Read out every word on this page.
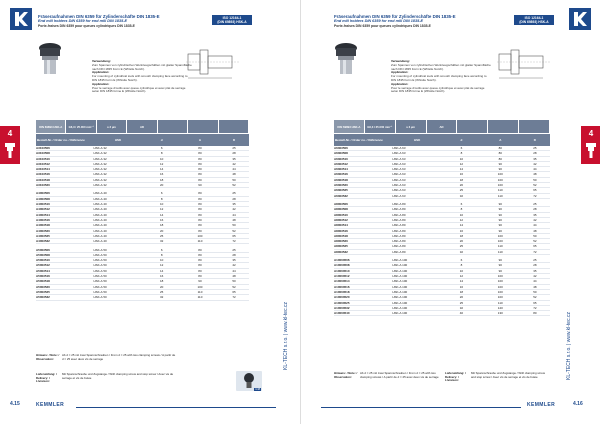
Fräseraufnahmen DIN 6359 für Zylinderschäfte DIN 1835-E
End mill holders DIN 6359 for end mill DIN 1835-E
Porte-fraises DIN 6359 pour queues cylindriques DIN 1835-E
ISO 12164-1
(DIN 69893) HSK-A
Verwendung:
Zum Spannen von zylindrischen Werkzeugschäften mit glatter Spannfläche nach DIN 1835 Form E (Whistle Notch).
Application:
For mounting of cylindrical tools with smooth clamping face according to DIN 1835 Form E (Whistle Notch).
Application:
Pour le serrage d'outils avec queue cylindrique et avec plat de serrage selon DIN 1835 forme E (Whistle Notch).
4
DIN 69893 HSK-A	G6,3 / 25.000 min⁻¹	≤ 3 µm	AD
Bestell-Nr. / Order no. / Référence	HSK	d	A	D
A3103506	HSK-A 32	6	80	25
A3103508	HSK-A 32	8	80	28
A3103510	HSK-A 32	10	80	35
A3103512	HSK-A 32	12	80	42
A3103514	HSK-A 32	14	80	44
A3103516	HSK-A 32	16	80	48
A3103518	HSK-A 32	18	80	50
A3103520	HSK-A 32	20	90	52

A4003506	HSK-A 40	6	80	25
A4003508	HSK-A 40	8	80	28
A4003510	HSK-A 40	10	80	35
A4003512	HSK-A 40	12	80	42
A4003514	HSK-A 40	14	80	44
A4003516	HSK-A 40	16	80	48
A4003518	HSK-A 40	18	80	50
A4003520	HSK-A 40	20	80	52
A4003525	HSK-A 40	25	100	65
A4003532	HSK-A 40	32	110	72

A5003506	HSK-A 50	6	80	25
A5003508	HSK-A 50	8	80	28
A5003510	HSK-A 50	10	80	35
A5003512	HSK-A 50	12	80	42
A5003514	HSK-A 50	14	80	44
A5003516	HSK-A 50	16	80	48
A5003518	HSK-A 50	18	90	50
A5003520	HSK-A 50	20	100	52
A5003525	HSK-A 50	25	110	65
A5003532	HSK-A 50	32	110	72
Hinweis: / Note: / Observation:
Ab d = 25 mit zwei Spannschrauben / From d = 25 with two clamping screws / A partir de d = 25 avec deux vis de serrage
Lieferumfang: / Delivery: / Livraison:
Mit Spannschraube und Zugstange / With clamping screw and stop screw / Avec vis de serrage et vis de butée
4.48
KL-TECH s.r.o. | www.kl-tec.cz
4.15	KEMMLER
Fräseraufnahmen DIN 6359 für Zylinderschäfte DIN 1835-E
End mill holders DIN 6359 for end mill DIN 1835-E
Porte-fraises DIN 6359 pour queues cylindriques DIN 1835-E
ISO 12164-1
(DIN 69893) HSK-A
Verwendung:
Zum Spannen von zylindrischen Werkzeugschäften mit glatter Spannfläche nach DIN 1835 Form E (Whistle Notch).
Application:
For mounting of cylindrical tools with smooth clamping face according to DIN 1835 Form E (Whistle Notch).
Application:
Pour le serrage d'outils avec queue cylindrique et avec plat de serrage selon DIN 1835 forme E (Whistle Notch).
4
DIN 69893 HSK-A	G6,3 / 25.000 min⁻¹	≤ 3 µm	AD
Bestell-Nr. / Order no. / Référence	HSK	d	A	D
A6303506	HSK-A 63	6	80	25
A6303508	HSK-A 63	8	80	28
A6303510	HSK-A 63	10	80	35
A6303512	HSK-A 63	12	90	42
A6303514	HSK-A 63	14	90	44
A6303516	HSK-A 63	16	100	48
A6303518	HSK-A 63	18	100	50
A6303520	HSK-A 63	20	100	52
A6303525	HSK-A 63	25	110	65
A6303532	HSK-A 63	32	110	72

A8003506	HSK-A 80	6	90	25
A8003508	HSK-A 80	8	90	28
A8003510	HSK-A 80	10	90	35
A8003512	HSK-A 80	12	90	42
A8003514	HSK-A 80	14	90	44
A8003516	HSK-A 80	16	90	48
A8003518	HSK-A 80	18	100	50
A8003520	HSK-A 80	20	100	52
A8003525	HSK-A 80	25	110	65
A8003532	HSK-A 80	32	110	72

A10003506	HSK-A 100	6	90	25
A10003508	HSK-A 100	8	90	28
A10003510	HSK-A 100	10	90	35
A10003512	HSK-A 100	12	100	42
A10003514	HSK-A 100	14	100	44
A10003516	HSK-A 100	16	100	48
A10003518	HSK-A 100	18	100	50
A10003520	HSK-A 100	20	100	52
A10003525	HSK-A 100	25	110	65
A10003532	HSK-A 100	32	120	72
A10003540	HSK-A 100	40	130	80
Hinweis: / Note: / Observation:
Ab d = 25 mit zwei Spannschrauben / From d = 25 with two clamping screws / A partir de d = 25 avec deux vis de serrage
Lieferumfang: / Delivery: / Livraison:
Mit Spannschraube und Zugstange / With clamping screw and stop screw / Avec vis de serrage et vis de butée	KL-TECH s.r.o. | www.kl-tec.cz
KEMMLER	4.16
